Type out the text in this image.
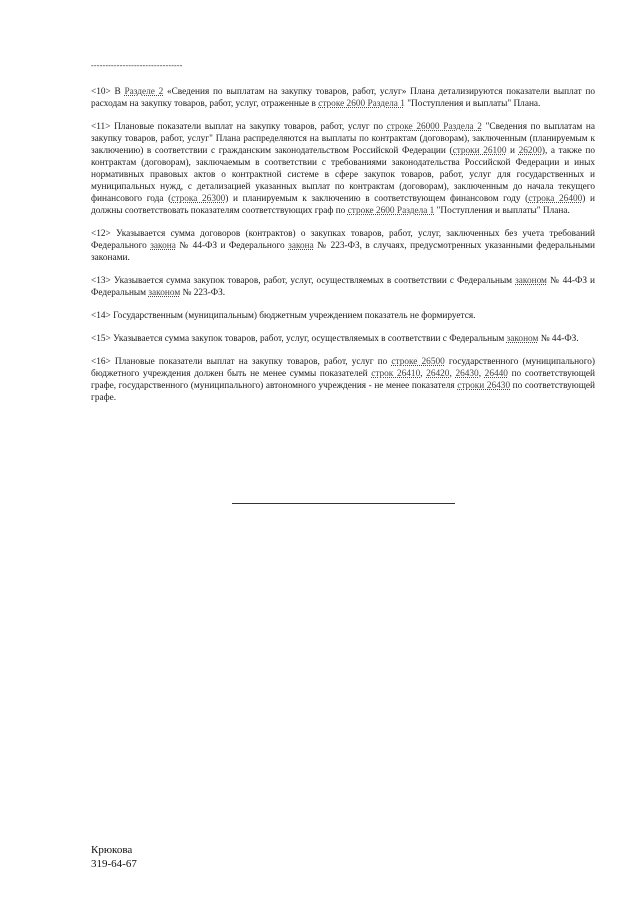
--------------------------------

<10> В Разделе 2 «Сведения по выплатам на закупку товаров, работ, услуг» Плана детализируются показатели выплат по расходам на закупку товаров, работ, услуг, отраженные в строке 2600 Раздела 1 "Поступления и выплаты" Плана.

<11> Плановые показатели выплат на закупку товаров, работ, услуг по строке 26000 Раздела 2 "Сведения по выплатам на закупку товаров, работ, услуг" Плана распределяются на выплаты по контрактам (договорам), заключенным (планируемым к заключению) в соответствии с гражданским законодательством Российской Федерации (строки 26100 и 26200), а также по контрактам (договорам), заключаемым в соответствии с требованиями законодательства Российской Федерации и иных нормативных правовых актов о контрактной системе в сфере закупок товаров, работ, услуг для государственных и муниципальных нужд, с детализацией указанных выплат по контрактам (договорам), заключенным до начала текущего финансового года (строка 26300) и планируемым к заключению в соответствующем финансовом году (строка 26400) и должны соответствовать показателям соответствующих граф по строке 2600 Раздела 1 "Поступления и выплаты" Плана.

<12> Указывается сумма договоров (контрактов) о закупках товаров, работ, услуг, заключенных без учета требований Федерального закона № 44-ФЗ и Федерального закона № 223-ФЗ, в случаях, предусмотренных указанными федеральными законами.

<13> Указывается сумма закупок товаров, работ, услуг, осуществляемых в соответствии с Федеральным законом № 44-ФЗ и Федеральным законом № 223-ФЗ.

<14> Государственным (муниципальным) бюджетным учреждением показатель не формируется.

<15> Указывается сумма закупок товаров, работ, услуг, осуществляемых в соответствии с Федеральным законом № 44-ФЗ.

<16> Плановые показатели выплат на закупку товаров, работ, услуг по строке 26500 государственного (муниципального) бюджетного учреждения должен быть не менее суммы показателей строк 26410, 26420, 26430, 26440 по соответствующей графе, государственного (муниципального) автономного учреждения - не менее показателя строки 26430 по соответствующей графе.

Крюкова
319-64-67
